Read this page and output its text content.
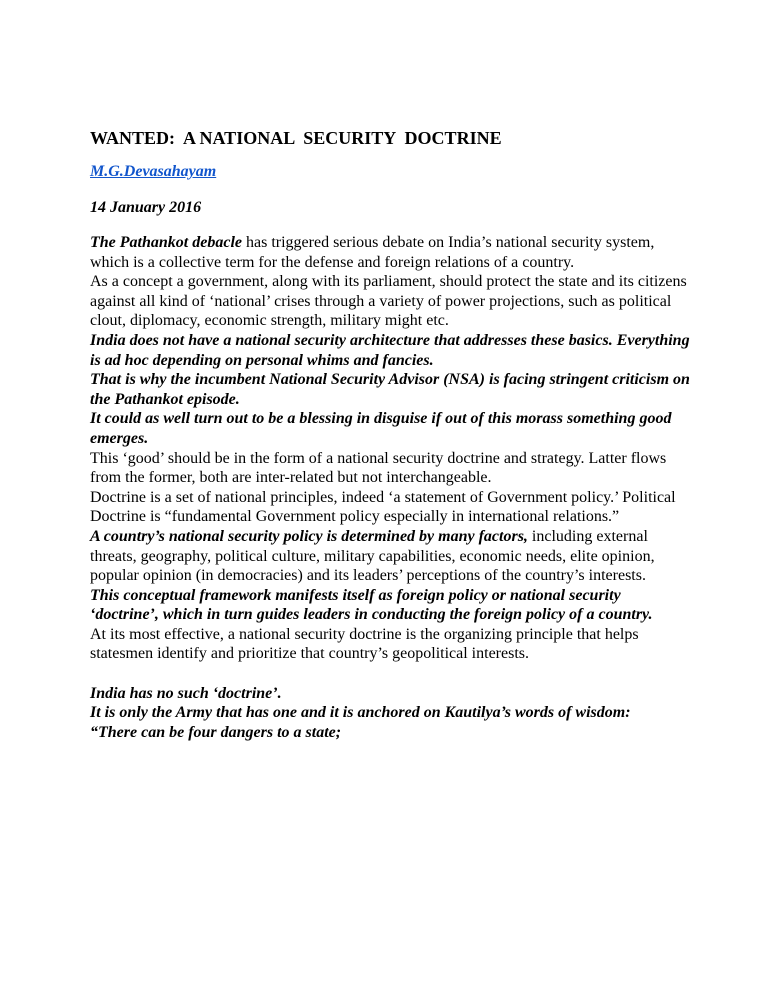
WANTED:  A NATIONAL  SECURITY  DOCTRINE
M.G.Devasahayam
14 January 2016

The Pathankot debacle has triggered serious debate on India’s national security system, which is a collective term for the defense and foreign relations of a country.

As a concept a government, along with its parliament, should protect the state and its citizens against all kind of ‘national’ crises through a variety of power projections, such as political clout, diplomacy, economic strength, military might etc.

India does not have a national security architecture that addresses these basics. Everything is ad hoc depending on personal whims and fancies.

That is why the incumbent National Security Advisor (NSA) is facing stringent criticism on the Pathankot episode.

It could as well turn out to be a blessing in disguise if out of this morass something good emerges.

This ‘good’ should be in the form of a national security doctrine and strategy. Latter flows from the former, both are inter-related but not interchangeable.

Doctrine is a set of national principles, indeed ‘a statement of Government policy.’ Political Doctrine is “fundamental Government policy especially in international relations.”

A country’s national security policy is determined by many factors, including external threats, geography, political culture, military capabilities, economic needs, elite opinion, popular opinion (in democracies) and its leaders’ perceptions of the country’s interests.

This conceptual framework manifests itself as foreign policy or national security ‘doctrine’, which in turn guides leaders in conducting the foreign policy of a country.

At its most effective, a national security doctrine is the organizing principle that helps statesmen identify and prioritize that country’s geopolitical interests.

India has no such ‘doctrine’.

It is only the Army that has one and it is anchored on Kautilya’s words of wisdom:

“There can be four dangers to a state;
